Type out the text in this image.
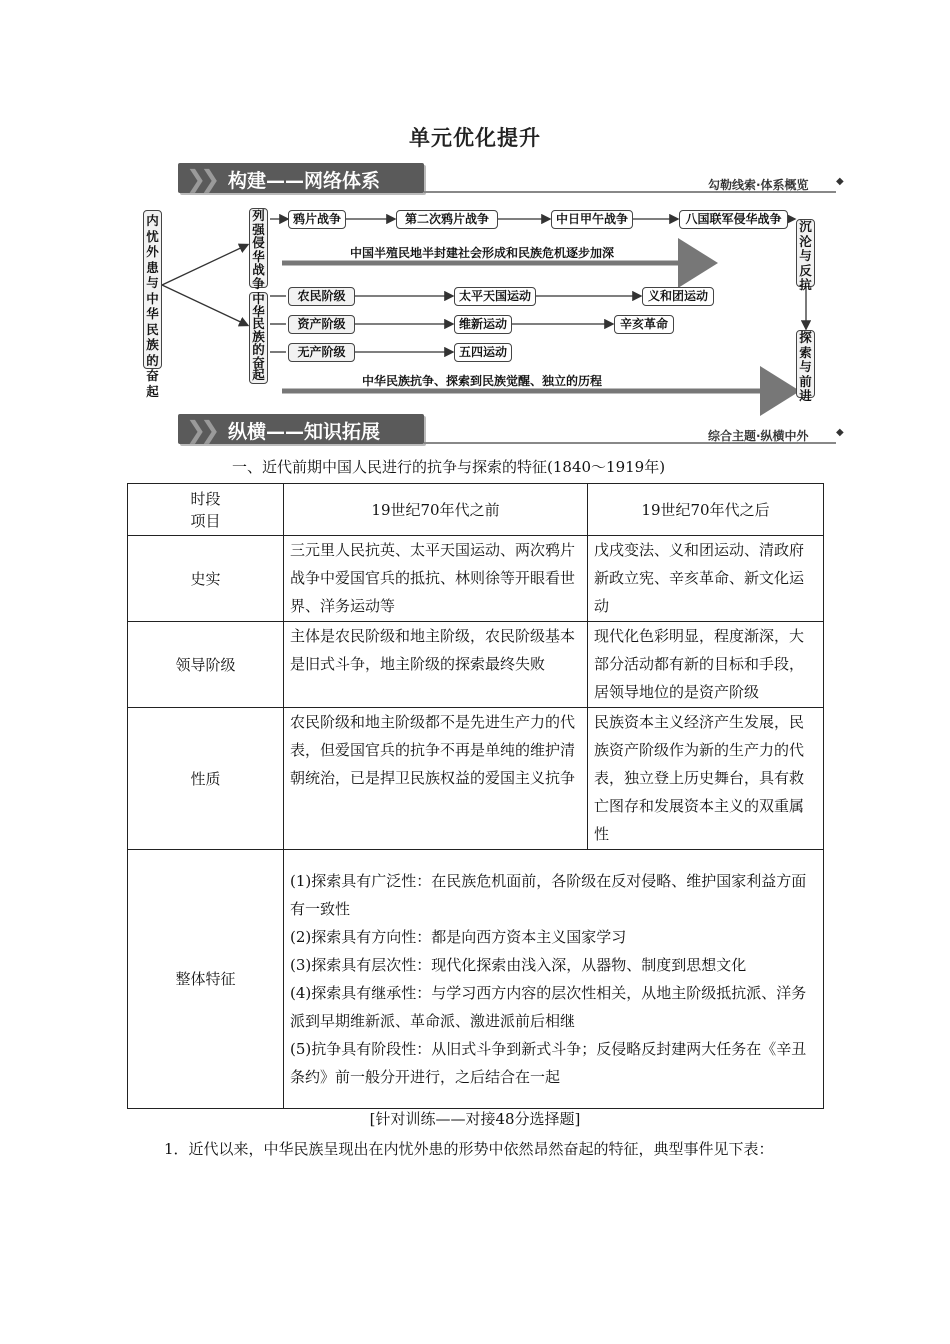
单元优化提升
❯❯ 构建——网络体系	勾勒线索·体系概览	◆
内忧外患与中华民族的奋起
列强侵华战争
中华民族的奋起
沉沦与反抗
探索与前进
鸦片战争	第二次鸦片战争	中日甲午战争	八国联军侵华战争
中国半殖民地半封建社会形成和民族危机逐步加深
农民阶级
资产阶级
无产阶级
太平天国运动	义和团运动
维新运动	辛亥革命
五四运动
中华民族抗争、探索到民族觉醒、独立的历程
❯❯ 纵横——知识拓展	综合主题·纵横中外	◆
一、近代前期中国人民进行的抗争与探索的特征(1840～1919年)
时段
项目	19世纪70年代之前	19世纪70年代之后
史实	三元里人民抗英、太平天国运动、两次鸦片战争中爱国官兵的抵抗、林则徐等开眼看世界、洋务运动等	戊戌变法、义和团运动、清政府新政立宪、辛亥革命、新文化运动
领导阶级	主体是农民阶级和地主阶级，农民阶级基本是旧式斗争，地主阶级的探索最终失败	现代化色彩明显，程度渐深，大部分活动都有新的目标和手段，居领导地位的是资产阶级
性质	农民阶级和地主阶级都不是先进生产力的代表，但爱国官兵的抗争不再是单纯的维护清朝统治，已是捍卫民族权益的爱国主义抗争	民族资本主义经济产生发展，民族资产阶级作为新的生产力的代表，独立登上历史舞台，具有救亡图存和发展资本主义的双重属性
整体特征	(1)探索具有广泛性：在民族危机面前，各阶级在反对侵略、维护国家利益方面有一致性
(2)探索具有方向性：都是向西方资本主义国家学习
(3)探索具有层次性：现代化探索由浅入深，从器物、制度到思想文化
(4)探索具有继承性：与学习西方内容的层次性相关，从地主阶级抵抗派、洋务派到早期维新派、革命派、激进派前后相继
(5)抗争具有阶段性：从旧式斗争到新式斗争；反侵略反封建两大任务在《辛丑条约》前一般分开进行，之后结合在一起	
[针对训练——对接48分选择题]
1．近代以来，中华民族呈现出在内忧外患的形势中依然昂然奋起的特征，典型事件见下表：
